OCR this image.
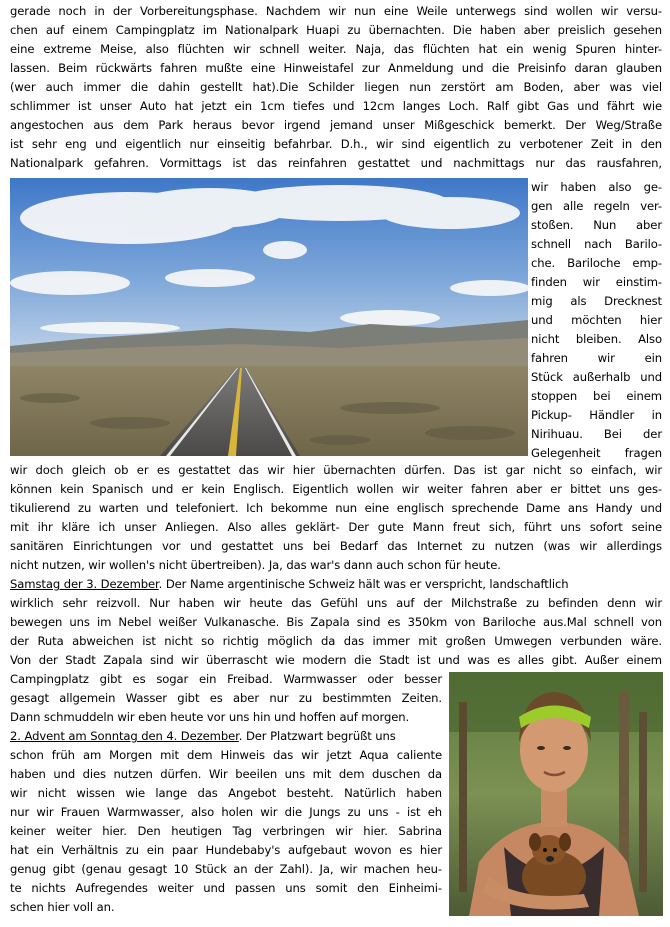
gerade noch in der Vorbereitungsphase. Nachdem wir nun eine Weile unterwegs sind wollen wir versu-
chen auf einem Campingplatz im Nationalpark Huapi zu übernachten. Die haben aber preislich gesehen
eine extreme Meise, also flüchten wir schnell weiter. Naja, das flüchten hat ein wenig Spuren hinter-
lassen. Beim rückwärts fahren mußte eine Hinweistafel zur Anmeldung und die Preisinfo daran glauben
(wer auch immer die dahin gestellt hat).Die Schilder liegen nun zerstört am Boden, aber was viel
schlimmer ist unser Auto hat jetzt ein 1cm tiefes und 12cm langes Loch. Ralf gibt Gas und fährt wie
angestochen aus dem Park heraus bevor irgend jemand unser Mißgeschick bemerkt. Der Weg/Straße
ist sehr eng und eigentlich nur einseitig befahrbar. D.h., wir sind eigentlich zu verbotener Zeit in den
Nationalpark gefahren. Vormittags ist das reinfahren gestattet und nachmittags nur das rausfahren,
wir haben also ge-
gen alle regeln ver-
stoßen. Nun aber
schnell nach Barilo-
che. Bariloche emp-
finden wir einstim-
mig als Drecknest
und möchten hier
nicht bleiben. Also
fahren wir ein
Stück außerhalb und
stoppen bei einem
Pickup- Händler in
Nirihuau. Bei der
Gelegenheit fragen
wir doch gleich ob er es gestattet das wir hier übernachten dürfen. Das ist gar nicht so einfach, wir
können kein Spanisch und er kein Englisch. Eigentlich wollen wir weiter fahren aber er bittet uns ges-
tikulierend zu warten und telefoniert. Ich bekomme nun eine englisch sprechende Dame ans Handy und
mit ihr kläre ich unser Anliegen. Also alles geklärt- Der gute Mann freut sich, führt uns sofort seine
sanitären Einrichtungen vor und gestattet uns bei Bedarf das Internet zu nutzen (was wir allerdings
nicht nutzen, wir wollen's nicht übertreiben). Ja, das war's dann auch schon für heute.
Samstag der 3. Dezember. Der Name argentinische Schweiz hält was er verspricht, landschaftlich
wirklich sehr reizvoll. Nur haben wir heute das Gefühl uns auf der Milchstraße zu befinden denn wir
bewegen uns im Nebel weißer Vulkanasche. Bis Zapala sind es 350km von Bariloche aus.Mal schnell von
der Ruta abweichen ist nicht so richtig möglich da das immer mit großen Umwegen verbunden wäre.
Von der Stadt Zapala sind wir überrascht wie modern die Stadt ist und was es alles gibt. Außer einem
Campingplatz gibt es sogar ein Freibad. Warmwasser oder besser
gesagt allgemein Wasser gibt es aber nur zu bestimmten Zeiten.
Dann schmuddeln wir eben heute vor uns hin und hoffen auf morgen.
2. Advent am Sonntag den 4. Dezember. Der Platzwart begrüßt uns
schon früh am Morgen mit dem Hinweis das wir jetzt Aqua caliente
haben und dies nutzen dürfen. Wir beeilen uns mit dem duschen da
wir nicht wissen wie lange das Angebot besteht. Natürlich haben
nur wir Frauen Warmwasser, also holen wir die Jungs zu uns - ist eh
keiner weiter hier. Den heutigen Tag verbringen wir hier. Sabrina
hat ein Verhältnis zu ein paar Hundebaby's aufgebaut wovon es hier
genug gibt (genau gesagt 10 Stück an der Zahl). Ja, wir machen heu-
te nichts Aufregendes weiter und passen uns somit den Einheimi-
schen hier voll an.
